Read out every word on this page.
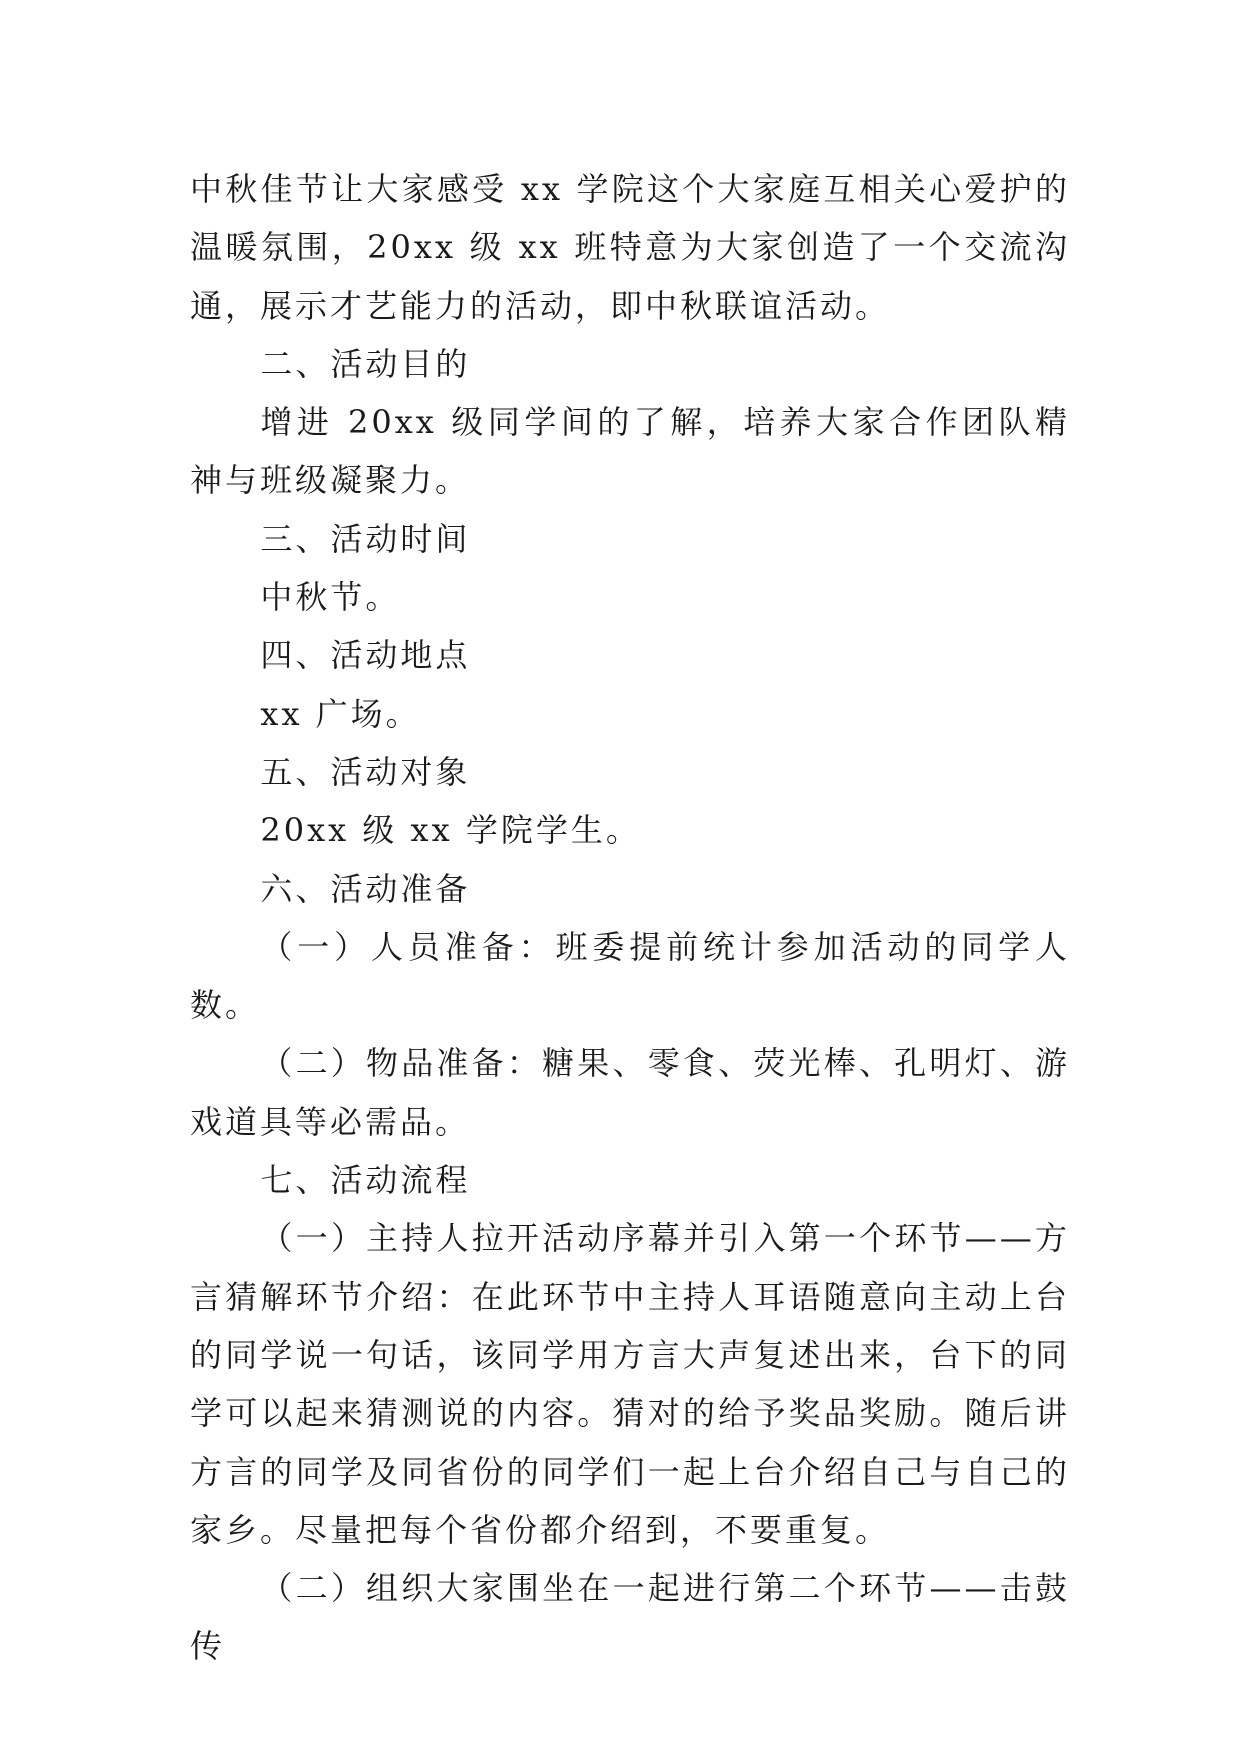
中秋佳节让大家感受 xx 学院这个大家庭互相关心爱护的温暖氛围，20xx 级 xx 班特意为大家创造了一个交流沟通，展示才艺能力的活动，即中秋联谊活动。

二、活动目的

增进 20xx 级同学间的了解，培养大家合作团队精神与班级凝聚力。

三、活动时间

中秋节。

四、活动地点

xx 广场。

五、活动对象

20xx 级 xx 学院学生。

六、活动准备

（一）人员准备：班委提前统计参加活动的同学人数。

（二）物品准备：糖果、零食、荧光棒、孔明灯、游戏道具等必需品。

七、活动流程

（一）主持人拉开活动序幕并引入第一个环节——方言猜解环节介绍：在此环节中主持人耳语随意向主动上台的同学说一句话，该同学用方言大声复述出来，台下的同学可以起来猜测说的内容。猜对的给予奖品奖励。随后讲方言的同学及同省份的同学们一起上台介绍自己与自己的家乡。尽量把每个省份都介绍到，不要重复。

（二）组织大家围坐在一起进行第二个环节——击鼓传
